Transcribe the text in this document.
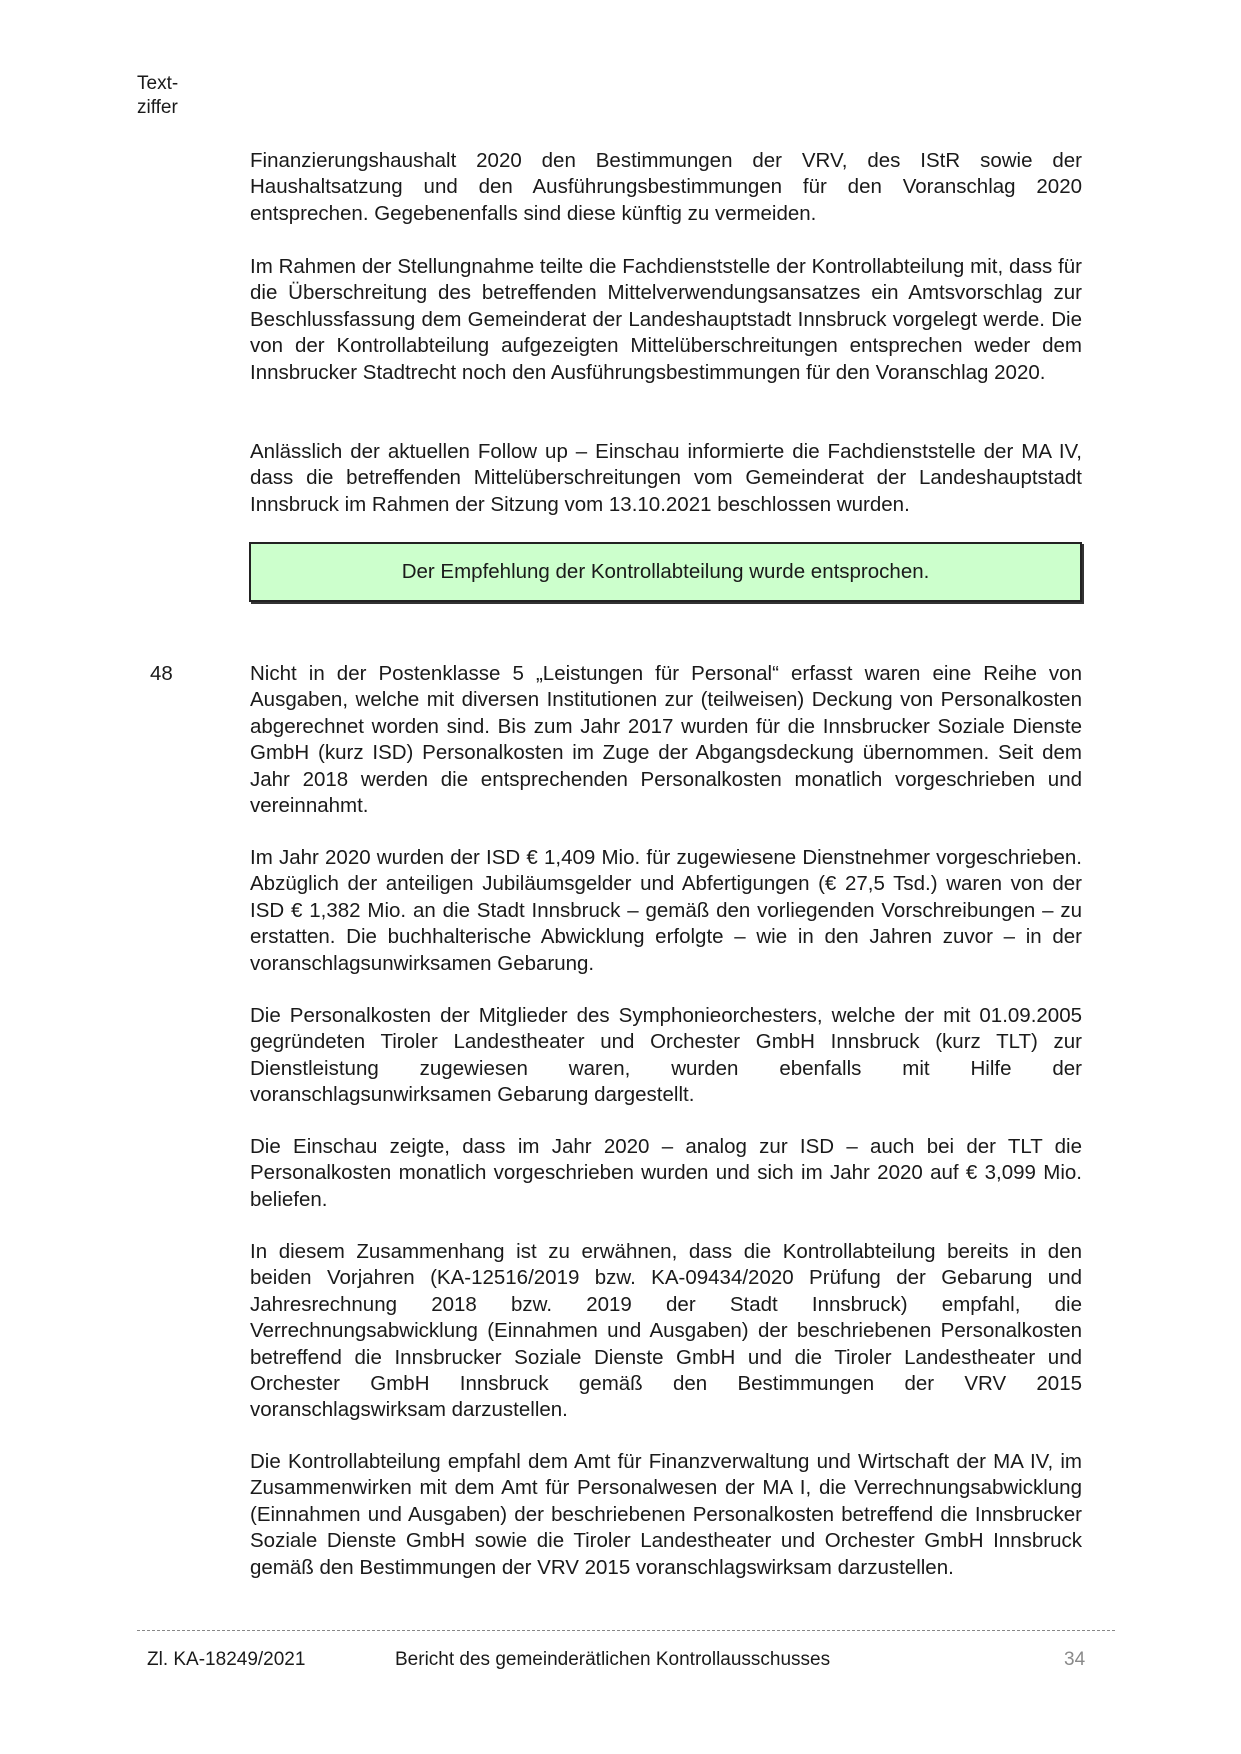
Text-
ziffer

Finanzierungshaushalt 2020 den Bestimmungen der VRV, des IStR sowie der Haushaltsatzung und den Ausführungsbestimmungen für den Voranschlag 2020 entsprechen. Gegebenenfalls sind diese künftig zu vermeiden.

Im Rahmen der Stellungnahme teilte die Fachdienststelle der Kontrollabteilung mit, dass für die Überschreitung des betreffenden Mittelverwendungsansatzes ein Amtsvorschlag zur Beschlussfassung dem Gemeinderat der Landeshauptstadt Innsbruck vorgelegt werde. Die von der Kontrollabteilung aufgezeigten Mittelüberschreitungen entsprechen weder dem Innsbrucker Stadtrecht noch den Ausführungsbestimmungen für den Voranschlag 2020.

Anlässlich der aktuellen Follow up – Einschau informierte die Fachdienststelle der MA IV, dass die betreffenden Mittelüberschreitungen vom Gemeinderat der Landeshauptstadt Innsbruck im Rahmen der Sitzung vom 13.10.2021 beschlossen wurden.

Der Empfehlung der Kontrollabteilung wurde entsprochen.
48	Nicht in der Postenklasse 5 „Leistungen für Personal“ erfasst waren eine Reihe von Ausgaben, welche mit diversen Institutionen zur (teilweisen) Deckung von Personalkosten abgerechnet worden sind. Bis zum Jahr 2017 wurden für die Innsbrucker Soziale Dienste GmbH (kurz ISD) Personalkosten im Zuge der Abgangsdeckung übernommen. Seit dem Jahr 2018 werden die entsprechenden Personalkosten monatlich vorgeschrieben und vereinnahmt.

Im Jahr 2020 wurden der ISD € 1,409 Mio. für zugewiesene Dienstnehmer vorgeschrieben. Abzüglich der anteiligen Jubiläumsgelder und Abfertigungen (€ 27,5 Tsd.) waren von der ISD € 1,382 Mio. an die Stadt Innsbruck – gemäß den vorliegenden Vorschreibungen – zu erstatten. Die buchhalterische Abwicklung erfolgte – wie in den Jahren zuvor – in der voranschlagsunwirksamen Gebarung.

Die Personalkosten der Mitglieder des Symphonieorchesters, welche der mit 01.09.2005 gegründeten Tiroler Landestheater und Orchester GmbH Innsbruck (kurz TLT) zur Dienstleistung zugewiesen waren, wurden ebenfalls mit Hilfe der voranschlagsunwirksamen Gebarung dargestellt.

Die Einschau zeigte, dass im Jahr 2020 – analog zur ISD – auch bei der TLT die Personalkosten monatlich vorgeschrieben wurden und sich im Jahr 2020 auf € 3,099 Mio. beliefen.

In diesem Zusammenhang ist zu erwähnen, dass die Kontrollabteilung bereits in den beiden Vorjahren (KA-12516/2019 bzw. KA-09434/2020 Prüfung der Gebarung und Jahresrechnung 2018 bzw. 2019 der Stadt Innsbruck) empfahl, die Verrechnungsabwicklung (Einnahmen und Ausgaben) der beschriebenen Personalkosten betreffend die Innsbrucker Soziale Dienste GmbH und die Tiroler Landestheater und Orchester GmbH Innsbruck gemäß den Bestimmungen der VRV 2015 voranschlagswirksam darzustellen.

Die Kontrollabteilung empfahl dem Amt für Finanzverwaltung und Wirtschaft der MA IV, im Zusammenwirken mit dem Amt für Personalwesen der MA I, die Verrechnungsabwicklung (Einnahmen und Ausgaben) der beschriebenen Personalkosten betreffend die Innsbrucker Soziale Dienste GmbH sowie die Tiroler Landestheater und Orchester GmbH Innsbruck gemäß den Bestimmungen der VRV 2015 voranschlagswirksam darzustellen.

Zl. KA-18249/2021	Bericht des gemeinderätlichen Kontrollausschusses	34
